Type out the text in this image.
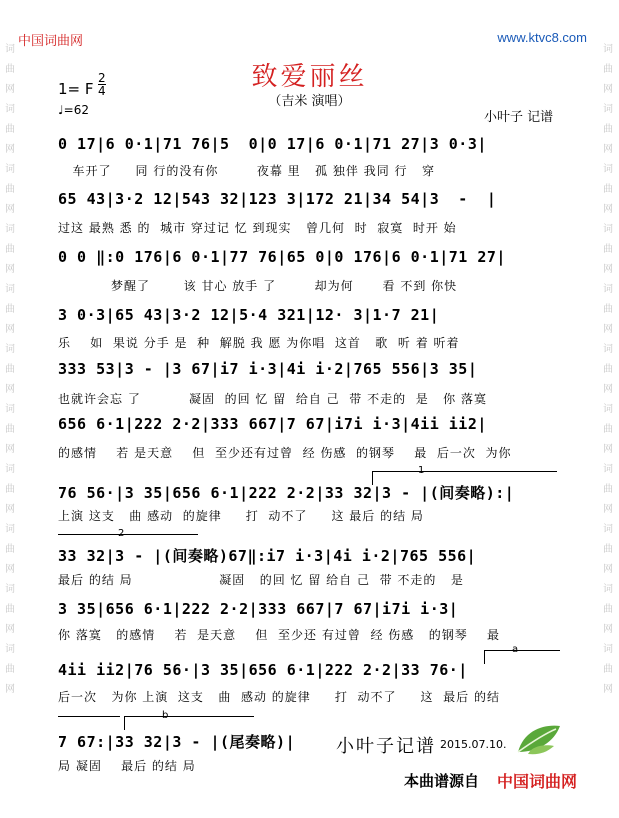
词曲网词曲网词曲网词曲网词曲网词曲网词曲网词曲网词曲网词曲网词曲网
词曲网词曲网词曲网词曲网词曲网词曲网词曲网词曲网词曲网词曲网词曲网
中国词曲网	www.ktvc8.com
致爱丽丝
（吉米 演唱）
1= F
2
4
♩=62	小叶子 记谱
0 17|6 0·1|71 76|5  0|0 17|6 0·1|71 27|3 0·3|
车开了     同 行的没有你        夜幕 里   孤 独伴 我同 行   穿
65 43|3·2 12|543 32|123 3|172 21|34 54|3  -  |
过这 最熟 悉 的  城市 穿过记 忆 到现实   曾几何  时  寂寞  时开 始
0 0 ‖:0 176|6 0·1|77 76|65 0|0 176|6 0·1|71 27|
梦醒了       该 甘心 放手 了        却为何      看 不到 你快
3 0·3|65 43|3·2 12|5·4 321|12· 3|1·7 21|
乐    如  果说 分手 是  种  解脱 我 愿 为你唱  这首   歌  听 着 听着
333 53|3 - |3 67|i7 i·3|4i i·2|765 556|3 35|
也就许会忘 了          凝固  的回 忆 留  给自 己  带 不走的  是   你 落寞
656 6·1|222 2·2|333 667|7 67|i7i i·3|4ii ii2|
的感情    若 是天意    但  至少还有过曾  经 伤感  的钢琴    最  后一次  为你
1
76 56·|3 35|656 6·1|222 2·2|33 32|3 - |(间奏略):|
上演 这支   曲 感动  的旋律     打  动不了     这 最后 的结 局
2
33 32|3 - |(间奏略)67‖:i7 i·3|4i i·2|765 556|
最后 的结 局                  凝固   的回 忆 留 给自 己  带 不走的   是
3 35|656 6·1|222 2·2|333 667|7 67|i7i i·3|
你 落寞   的感情    若  是天意    但  至少还 有过曾  经 伤感   的钢琴    最
a
4ii ii2|76 56·|3 35|656 6·1|222 2·2|33 76·|
后一次   为你 上演  这支   曲  感动 的旋律     打  动不了     这  最后 的结
b
7 67:|33 32|3 - |(尾奏略)|
局 凝固    最后 的结 局
小叶子记谱 2015.07.10.
本曲谱源自 中国词曲网
